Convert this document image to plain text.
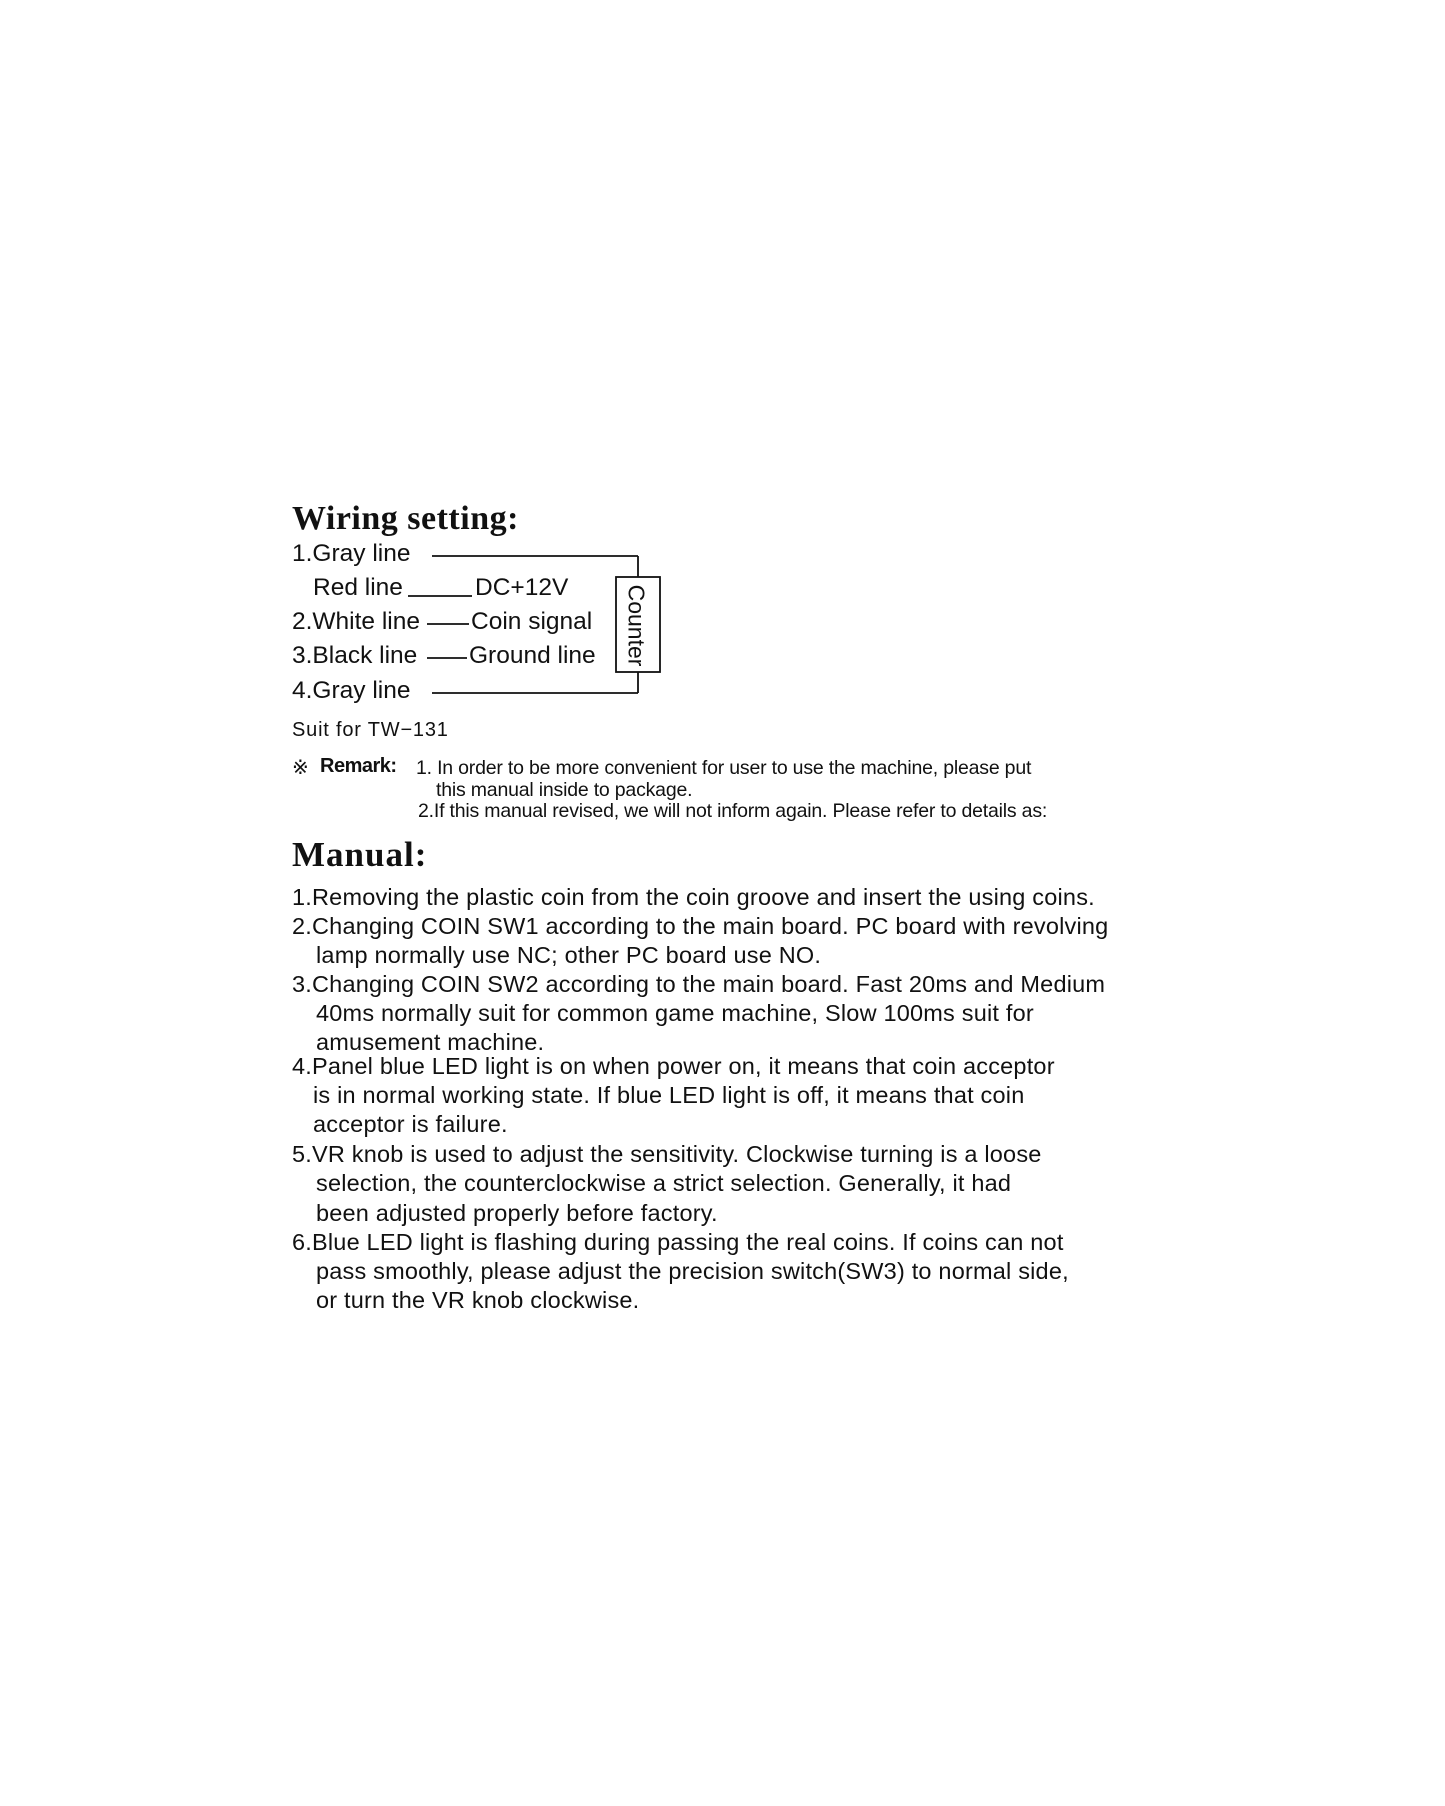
Wiring setting:
1.Gray line
Red line	DC+12V
2.White line Coin signal
3.Black line Ground line
4.Gray line
Counter
Suit for TW−131
※ Remark: 1. In order to be more convenient for user to use the machine, please put
this manual inside to package.
2.If this manual revised, we will not inform again. Please refer to details as:
Manual:
1.Removing the plastic coin from the coin groove and insert the using coins.
2.Changing COIN SW1 according to the main board. PC board with revolving
lamp normally use NC; other PC board use NO.
3.Changing COIN SW2 according to the main board. Fast 20ms and Medium
40ms normally suit for common game machine, Slow 100ms suit for
amusement machine.
4.Panel blue LED light is on when power on, it means that coin acceptor
is in normal working state. If blue LED light is off, it means that coin
acceptor is failure.
5.VR knob is used to adjust the sensitivity. Clockwise turning is a loose
selection, the counterclockwise a strict selection. Generally, it had
been adjusted properly before factory.
6.Blue LED light is flashing during passing the real coins. If coins can not
pass smoothly, please adjust the precision switch(SW3) to normal side,
or turn the VR knob clockwise.
